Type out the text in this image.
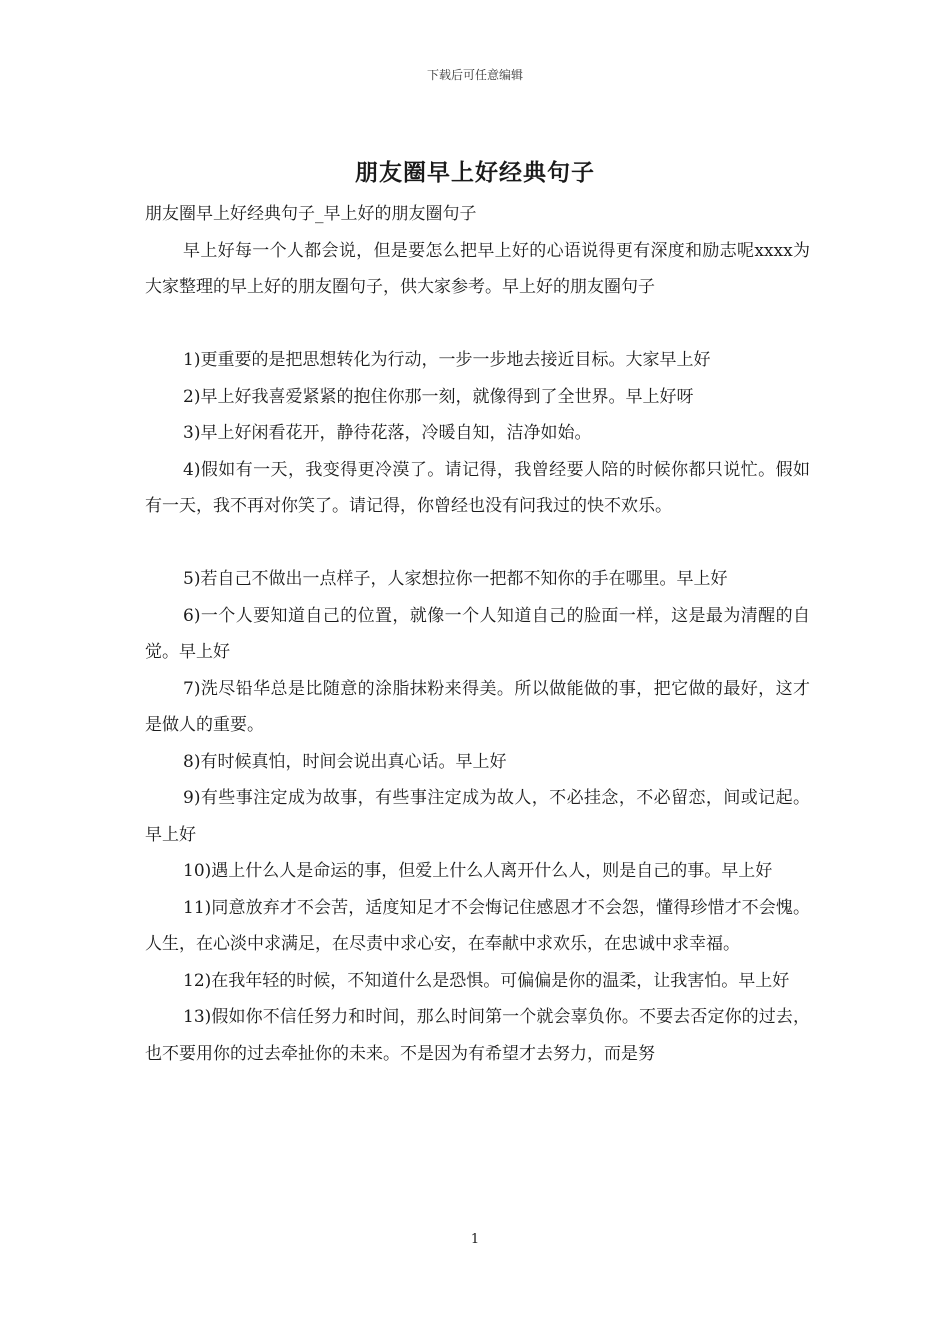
下载后可任意编辑
朋友圈早上好经典句子

朋友圈早上好经典句子_早上好的朋友圈句子

早上好每一个人都会说，但是要怎么把早上好的心语说得更有深度和励志呢xxxx为大家整理的早上好的朋友圈句子，供大家参考。早上好的朋友圈句子

1)更重要的是把思想转化为行动，一步一步地去接近目标。大家早上好

2)早上好我喜爱紧紧的抱住你那一刻，就像得到了全世界。早上好呀

3)早上好闲看花开，静待花落，冷暖自知，洁净如始。

4)假如有一天，我变得更冷漠了。请记得，我曾经要人陪的时候你都只说忙。假如有一天，我不再对你笑了。请记得，你曾经也没有问我过的快不欢乐。

5)若自己不做出一点样子，人家想拉你一把都不知你的手在哪里。早上好

6)一个人要知道自己的位置，就像一个人知道自己的脸面一样，这是最为清醒的自觉。早上好

7)洗尽铅华总是比随意的涂脂抹粉来得美。所以做能做的事，把它做的最好，这才是做人的重要。

8)有时候真怕，时间会说出真心话。早上好

9)有些事注定成为故事，有些事注定成为故人，不必挂念，不必留恋，间或记起。早上好

10)遇上什么人是命运的事，但爱上什么人离开什么人，则是自己的事。早上好

11)同意放弃才不会苦，适度知足才不会悔记住感恩才不会怨，懂得珍惜才不会愧。人生，在心淡中求满足，在尽责中求心安，在奉献中求欢乐，在忠诚中求幸福。

12)在我年轻的时候，不知道什么是恐惧。可偏偏是你的温柔，让我害怕。早上好

13)假如你不信任努力和时间，那么时间第一个就会辜负你。不要去否定你的过去，也不要用你的过去牵扯你的未来。不是因为有希望才去努力，而是努

1
